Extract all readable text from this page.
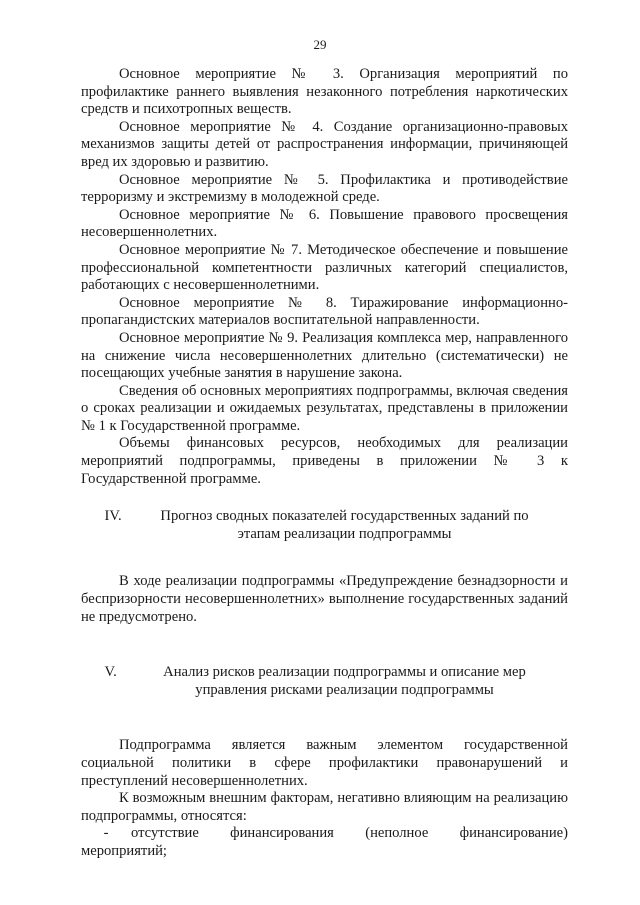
29

Основное мероприятие № 3. Организация мероприятий по профилактике раннего выявления незаконного потребления наркотических средств и психотропных веществ.

Основное мероприятие № 4. Создание организационно-правовых механизмов защиты детей от распространения информации, причиняющей вред их здоровью и развитию.

Основное мероприятие № 5. Профилактика и противодействие терроризму и экстремизму в молодежной среде.

Основное мероприятие № 6. Повышение правового просвещения несовершеннолетних.

Основное мероприятие № 7. Методическое обеспечение и повышение профессиональной компетентности различных категорий специалистов, работающих с несовершеннолетними.

Основное мероприятие № 8. Тиражирование информационно-пропагандистских материалов воспитательной направленности.

Основное мероприятие № 9. Реализация комплекса мер, направленного на снижение числа несовершеннолетних длительно (систематически) не посещающих учебные занятия в нарушение закона.

Сведения об основных мероприятиях подпрограммы, включая сведения о сроках реализации и ожидаемых результатах, представлены в приложении № 1 к Государственной программе.

Объемы финансовых ресурсов, необходимых для реализации мероприятий подпрограммы, приведены в приложении № 3 к Государственной программе.

IV.	Прогноз сводных показателей государственных заданий по
этапам реализации подпрограммы

В ходе реализации подпрограммы «Предупреждение безнадзорности и беспризорности несовершеннолетних» выполнение государственных заданий не предусмотрено.

V.	Анализ рисков реализации подпрограммы и описание мер
управления рисками реализации подпрограммы

Подпрограмма является важным элементом государственной социальной политики в сфере профилактики правонарушений и преступлений несовершеннолетних.

К возможным внешним факторам, негативно влияющим на реализацию подпрограммы, относятся:

- отсутствие финансирования (неполное финансирование) мероприятий;
